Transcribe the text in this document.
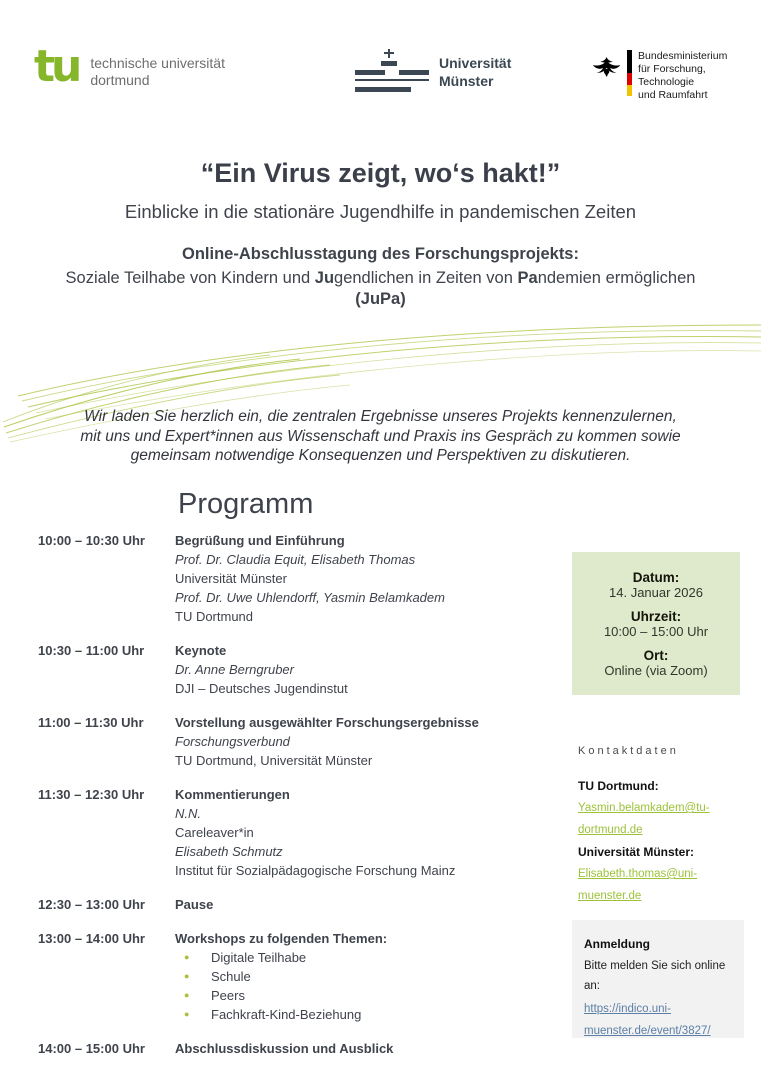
tu technische universität
dortmund
Universität
Münster
Bundesministerium
für Forschung, Technologie
und Raumfahrt
“Ein Virus zeigt, wo‘s hakt!”
Einblicke in die stationäre Jugendhilfe in pandemischen Zeiten
Online-Abschlusstagung des Forschungsprojekts:
Soziale Teilhabe von Kindern und Jugendlichen in Zeiten von Pandemien ermöglichen (JuPa)
Wir laden Sie herzlich ein, die zentralen Ergebnisse unseres Projekts kennenzulernen,
mit uns und Expert*innen aus Wissenschaft und Praxis ins Gespräch zu kommen sowie
gemeinsam notwendige Konsequenzen und Perspektiven zu diskutieren.
Programm
10:00 – 10:30 Uhr	Begrüßung und Einführung
Prof. Dr. Claudia Equit, Elisabeth Thomas
Universität Münster
Prof. Dr. Uwe Uhlendorff, Yasmin Belamkadem
TU Dortmund
10:30 – 11:00 Uhr	Keynote
Dr. Anne Berngruber
DJI – Deutsches Jugendinstut
11:00 – 11:30 Uhr	Vorstellung ausgewählter Forschungsergebnisse
Forschungsverbund
TU Dortmund, Universität Münster
11:30 – 12:30 Uhr	Kommentierungen
N.N.
Careleaver*in
Elisabeth Schmutz
Institut für Sozialpädagogische Forschung Mainz
12:30 – 13:00 Uhr	Pause
13:00 – 14:00 Uhr	Workshops zu folgenden Themen:
●	Digitale Teilhabe
●	Schule
●	Peers
●	Fachkraft-Kind-Beziehung
14:00 – 15:00 Uhr	Abschlussdiskussion und Ausblick
Datum:
14. Januar 2026
Uhrzeit:
10:00 – 15:00 Uhr
Ort:
Online (via Zoom)
Kontaktdaten
TU Dortmund:
Yasmin.belamkadem@tu-dortmund.de
Universität Münster:
Elisabeth.thomas@uni-muenster.de
Anmeldung
Bitte melden Sie sich online an:
https://indico.uni-muenster.de/event/3827/
